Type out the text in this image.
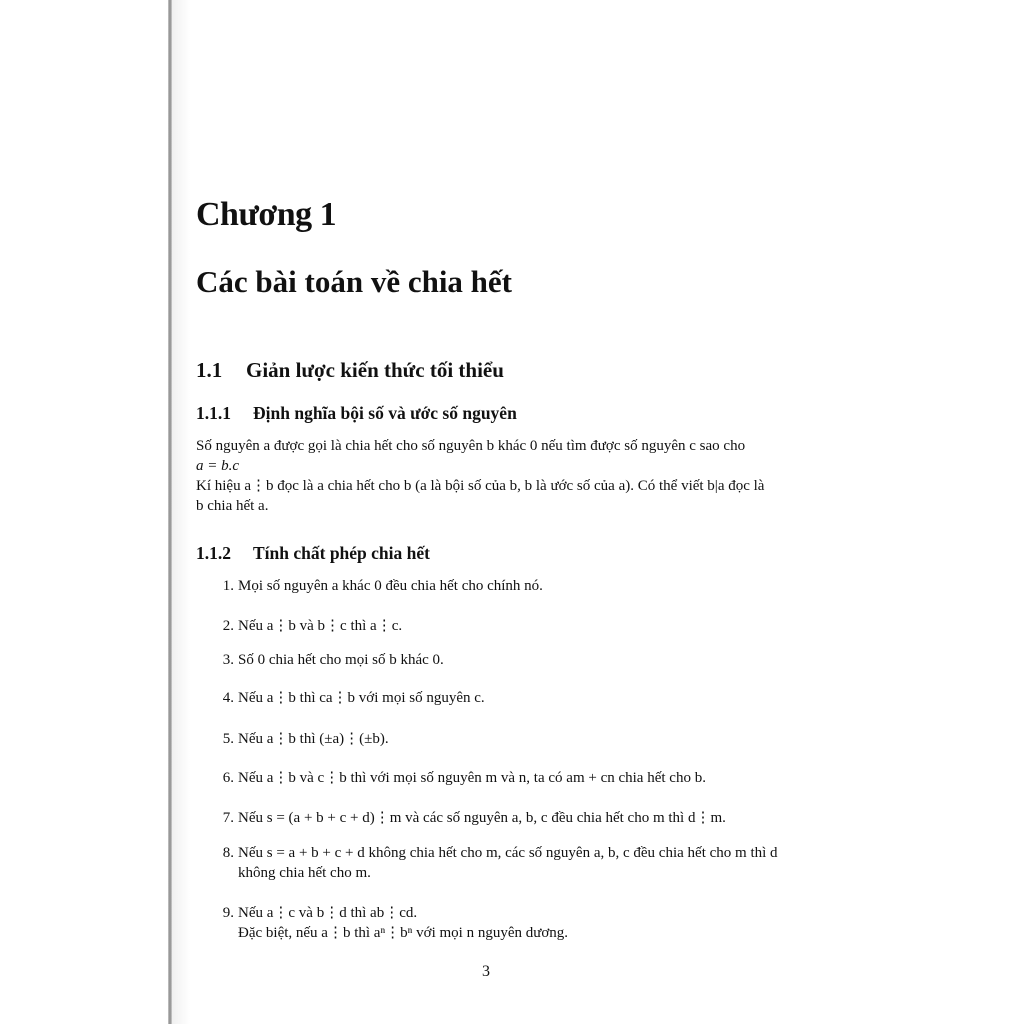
Chương 1
Các bài toán về chia hết
1.1 Giản lược kiến thức tối thiểu
1.1.1 Định nghĩa bội số và ước số nguyên
Số nguyên a được gọi là chia hết cho số nguyên b khác 0 nếu tìm được số nguyên c sao cho
a = b.c
Kí hiệu a⋮b đọc là a chia hết cho b (a là bội số của b, b là ước số của a). Có thể viết b|a đọc là
b chia hết a.
1.1.2 Tính chất phép chia hết
1. Mọi số nguyên a khác 0 đều chia hết cho chính nó.
2. Nếu a⋮b và b⋮c thì a⋮c.
3. Số 0 chia hết cho mọi số b khác 0.
4. Nếu a⋮b thì ca⋮b với mọi số nguyên c.
5. Nếu a⋮b thì (±a)⋮(±b).
6. Nếu a⋮b và c⋮b thì với mọi số nguyên m và n, ta có am + cn chia hết cho b.
7. Nếu s = (a + b + c + d)⋮m và các số nguyên a, b, c đều chia hết cho m thì d⋮m.
8. Nếu s = a + b + c + d không chia hết cho m, các số nguyên a, b, c đều chia hết cho m thì d
không chia hết cho m.
9. Nếu a⋮c và b⋮d thì ab⋮cd.
Đặc biệt, nếu a⋮b thì aⁿ⋮bⁿ với mọi n nguyên dương.
3
